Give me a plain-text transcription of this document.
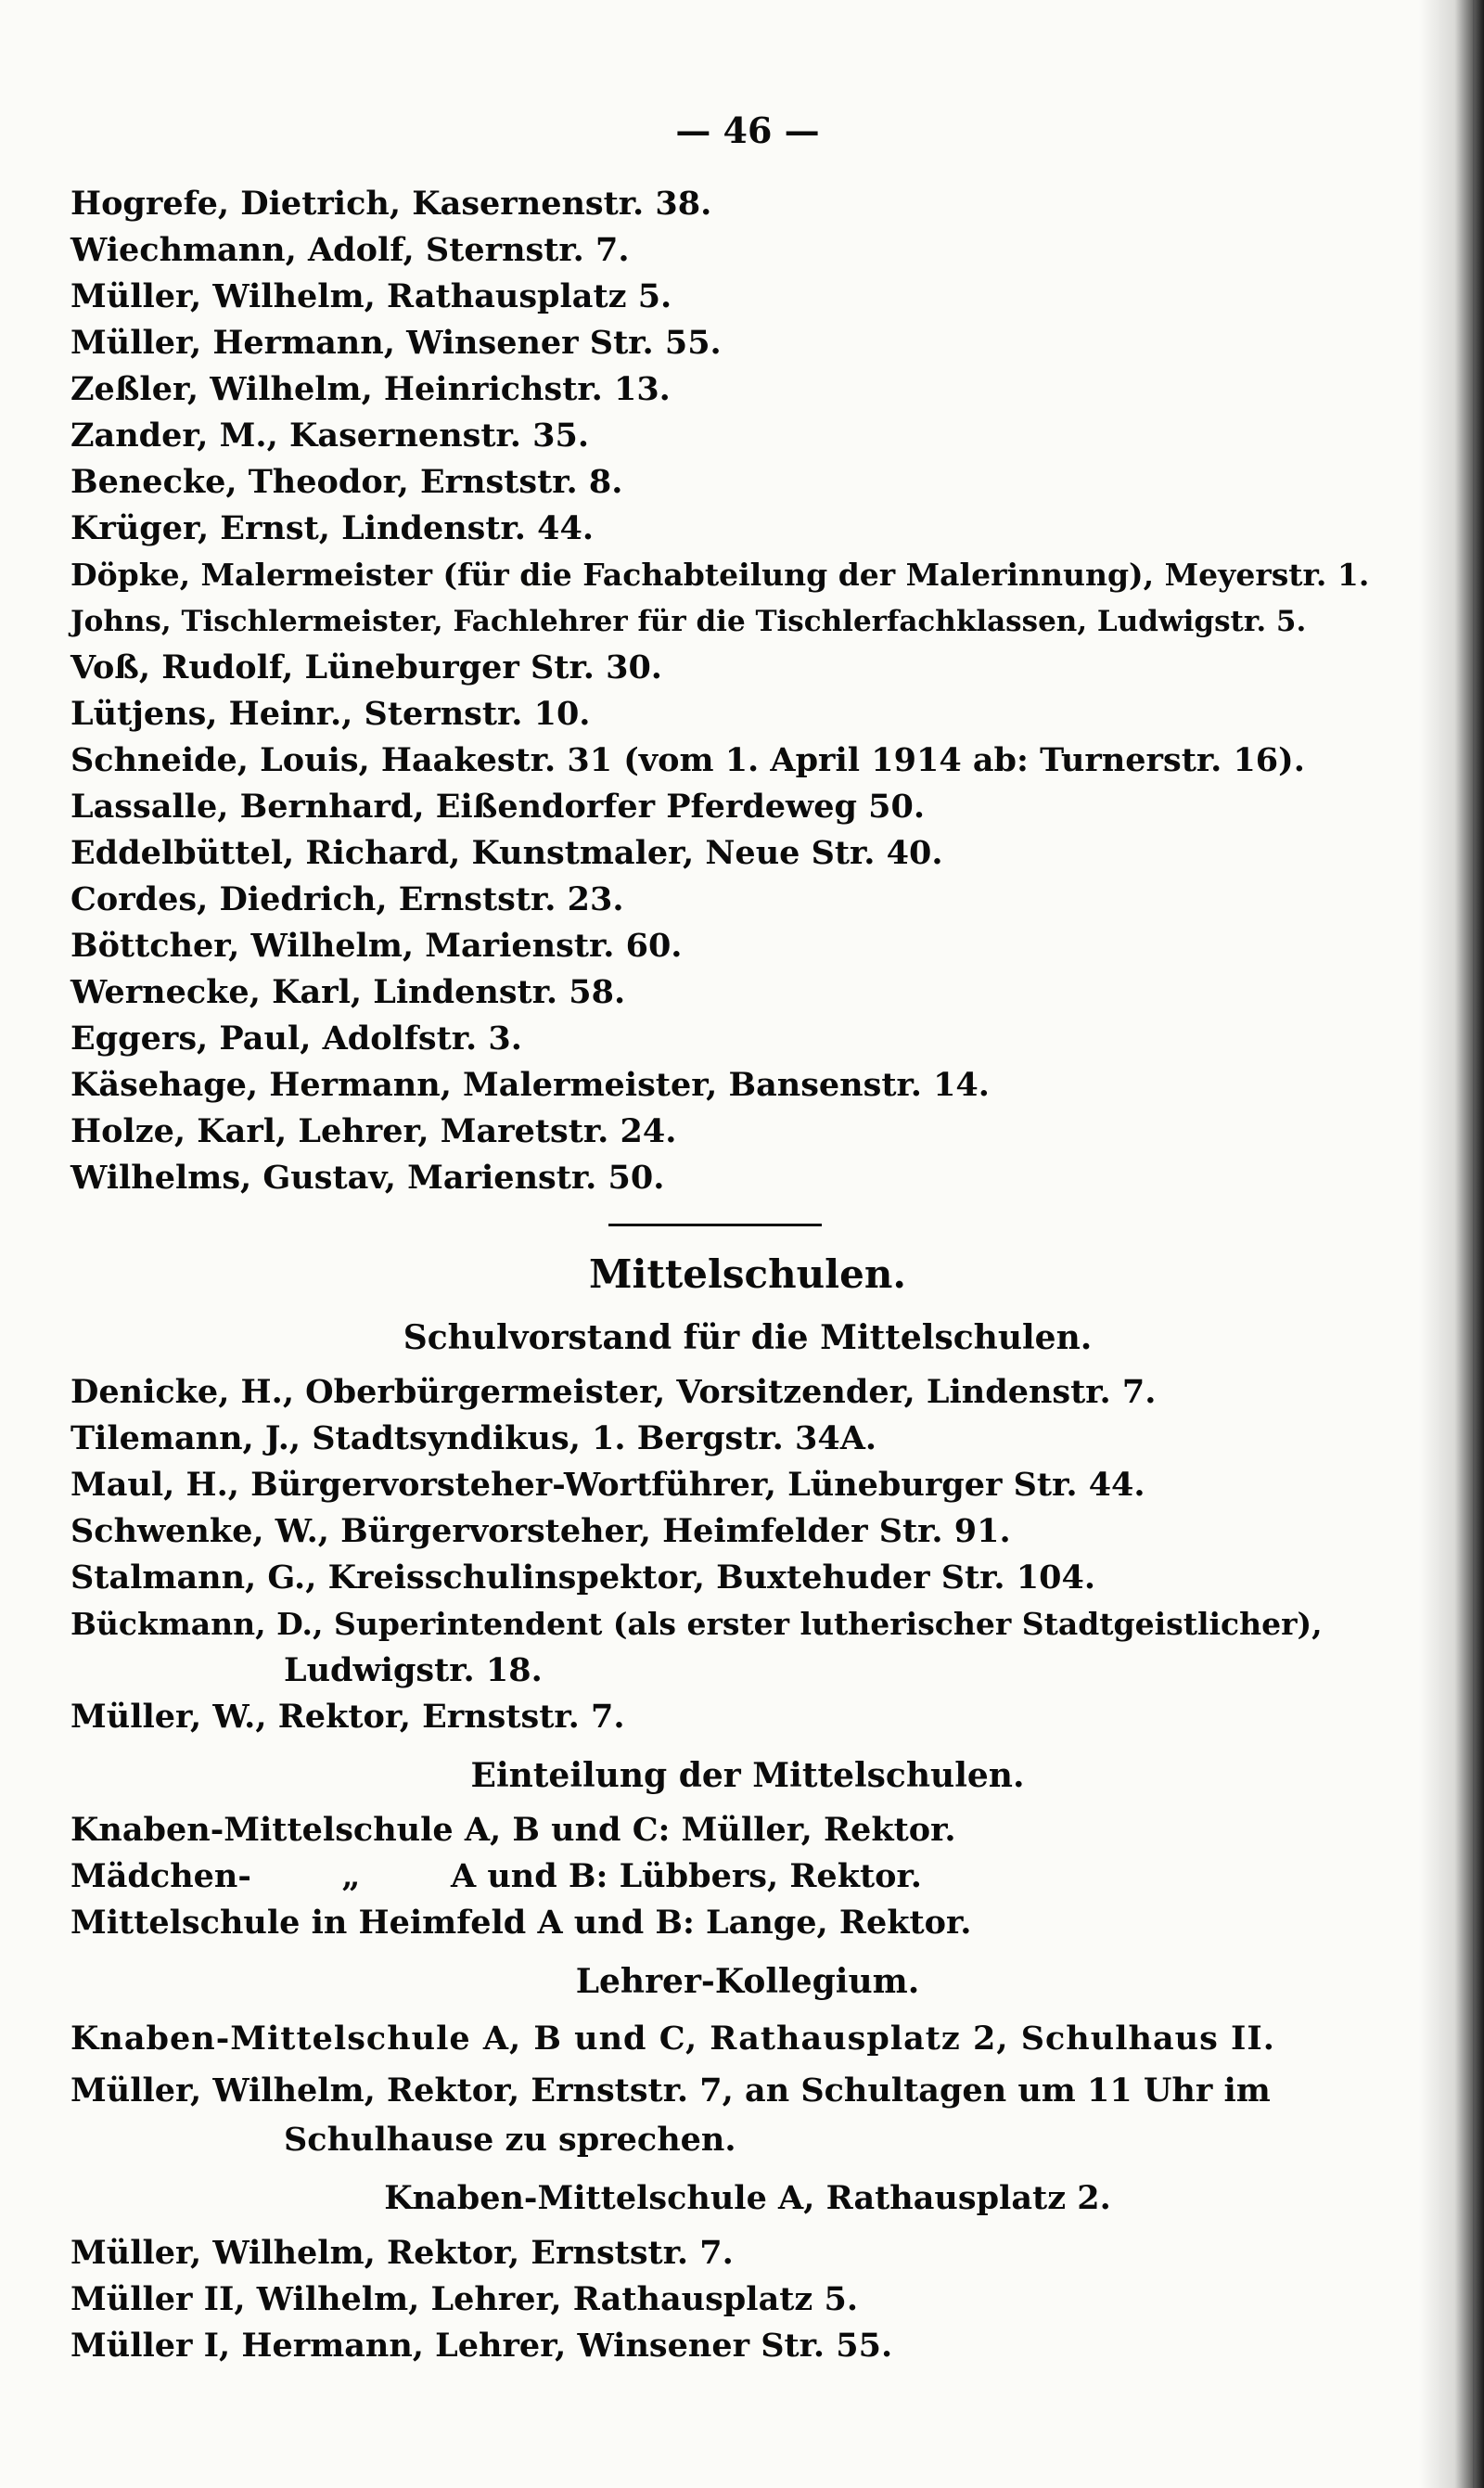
— 46 —
Hogrefe, Dietrich, Kasernenstr. 38.
Wiechmann, Adolf, Sternstr. 7.
Müller, Wilhelm, Rathausplatz 5.
Müller, Hermann, Winsener Str. 55.
Zeßler, Wilhelm, Heinrichstr. 13.
Zander, M., Kasernenstr. 35.
Benecke, Theodor, Ernststr. 8.
Krüger, Ernst, Lindenstr. 44.
Döpke, Malermeister (für die Fachabteilung der Malerinnung), Meyerstr. 1.
Johns, Tischlermeister, Fachlehrer für die Tischlerfachklassen, Ludwigstr. 5.
Voß, Rudolf, Lüneburger Str. 30.
Lütjens, Heinr., Sternstr. 10.
Schneide, Louis, Haakestr. 31 (vom 1. April 1914 ab: Turnerstr. 16).
Lassalle, Bernhard, Eißendorfer Pferdeweg 50.
Eddelbüttel, Richard, Kunstmaler, Neue Str. 40.
Cordes, Diedrich, Ernststr. 23.
Böttcher, Wilhelm, Marienstr. 60.
Wernecke, Karl, Lindenstr. 58.
Eggers, Paul, Adolfstr. 3.
Käsehage, Hermann, Malermeister, Bansenstr. 14.
Holze, Karl, Lehrer, Maretstr. 24.
Wilhelms, Gustav, Marienstr. 50.
Mittelschulen.
Schulvorstand für die Mittelschulen.
Denicke, H., Oberbürgermeister, Vorsitzender, Lindenstr. 7.
Tilemann, J., Stadtsyndikus, 1. Bergstr. 34A.
Maul, H., Bürgervorsteher-Wortführer, Lüneburger Str. 44.
Schwenke, W., Bürgervorsteher, Heimfelder Str. 91.
Stalmann, G., Kreisschulinspektor, Buxtehuder Str. 104.
Bückmann, D., Superintendent (als erster lutherischer Stadtgeistlicher),
Ludwigstr. 18.
Müller, W., Rektor, Ernststr. 7.
Einteilung der Mittelschulen.
Knaben-Mittelschule A, B und C: Müller, Rektor.
Mädchen-        „        A und B: Lübbers, Rektor.
Mittelschule in Heimfeld A und B: Lange, Rektor.
Lehrer-Kollegium.
Knaben-Mittelschule A, B und C, Rathausplatz 2, Schulhaus II.
Müller, Wilhelm, Rektor, Ernststr. 7, an Schultagen um 11 Uhr im
Schulhause zu sprechen.
Knaben-Mittelschule A, Rathausplatz 2.
Müller, Wilhelm, Rektor, Ernststr. 7.
Müller II, Wilhelm, Lehrer, Rathausplatz 5.
Müller I, Hermann, Lehrer, Winsener Str. 55.
